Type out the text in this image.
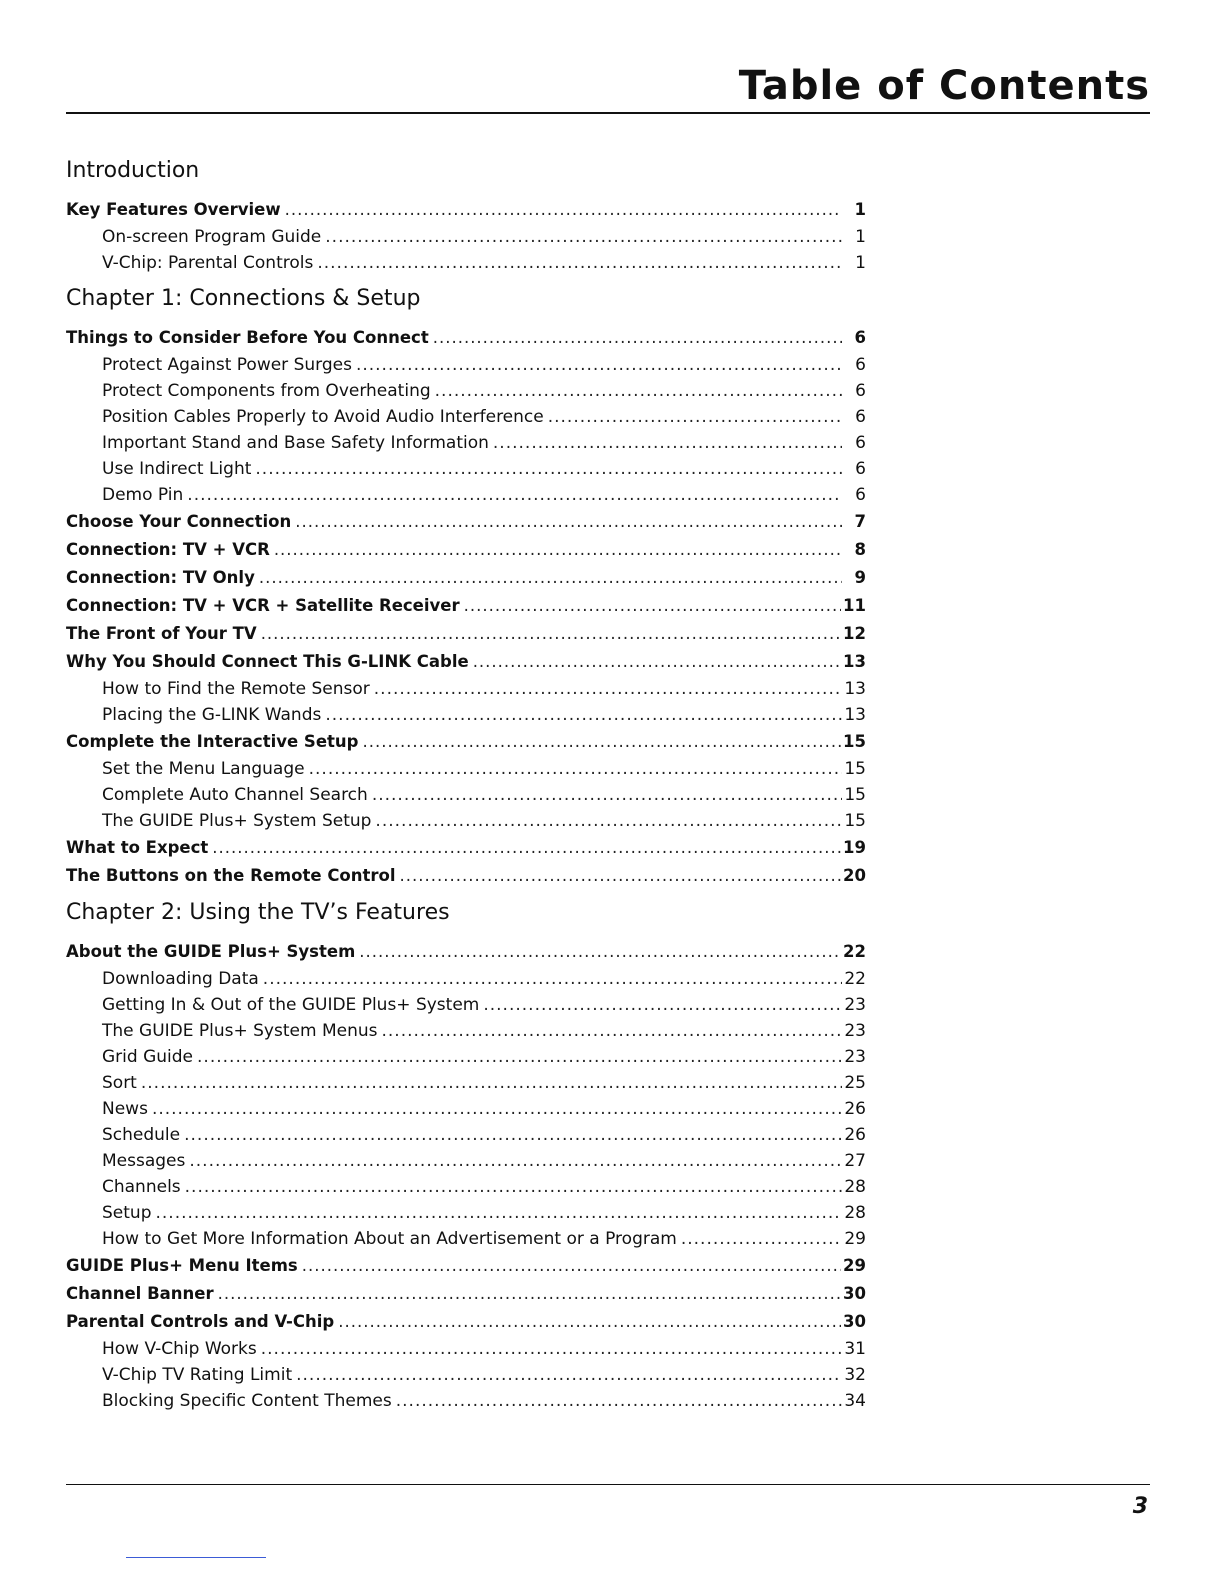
Table of Contents
Introduction
Key Features Overview .....	1
On-screen Program Guide .....	1
V-Chip: Parental Controls .....	1
Chapter 1: Connections & Setup
Things to Consider Before You Connect .....	6
Protect Against Power Surges .....	6
Protect Components from Overheating .....	6
Position Cables Properly to Avoid Audio Interference .....	6
Important Stand and Base Safety Information .....	6
Use Indirect Light .....	6
Demo Pin .....	6
Choose Your Connection .....	7
Connection: TV + VCR .....	8
Connection: TV Only .....	9
Connection: TV + VCR + Satellite Receiver .....	11
The Front of Your TV .....	12
Why You Should Connect This G-LINK Cable .....	13
How to Find the Remote Sensor .....	13
Placing the G-LINK Wands .....	13
Complete the Interactive Setup .....	15
Set the Menu Language .....	15
Complete Auto Channel Search .....	15
The GUIDE Plus+ System Setup .....	15
What to Expect .....	19
The Buttons on the Remote Control .....	20
Chapter 2: Using the TV’s Features
About the GUIDE Plus+ System .....	22
Downloading Data .....	22
Getting In & Out of the GUIDE Plus+ System .....	23
The GUIDE Plus+ System Menus .....	23
Grid Guide .....	23
Sort .....	25
News .....	26
Schedule .....	26
Messages .....	27
Channels .....	28
Setup .....	28
How to Get More Information About an Advertisement or a Program .....	29
GUIDE Plus+ Menu Items .....	29
Channel Banner .....	30
Parental Controls and V-Chip .....	30
How V-Chip Works .....	31
V-Chip TV Rating Limit .....	32
Blocking Specific Content Themes .....	34

3
